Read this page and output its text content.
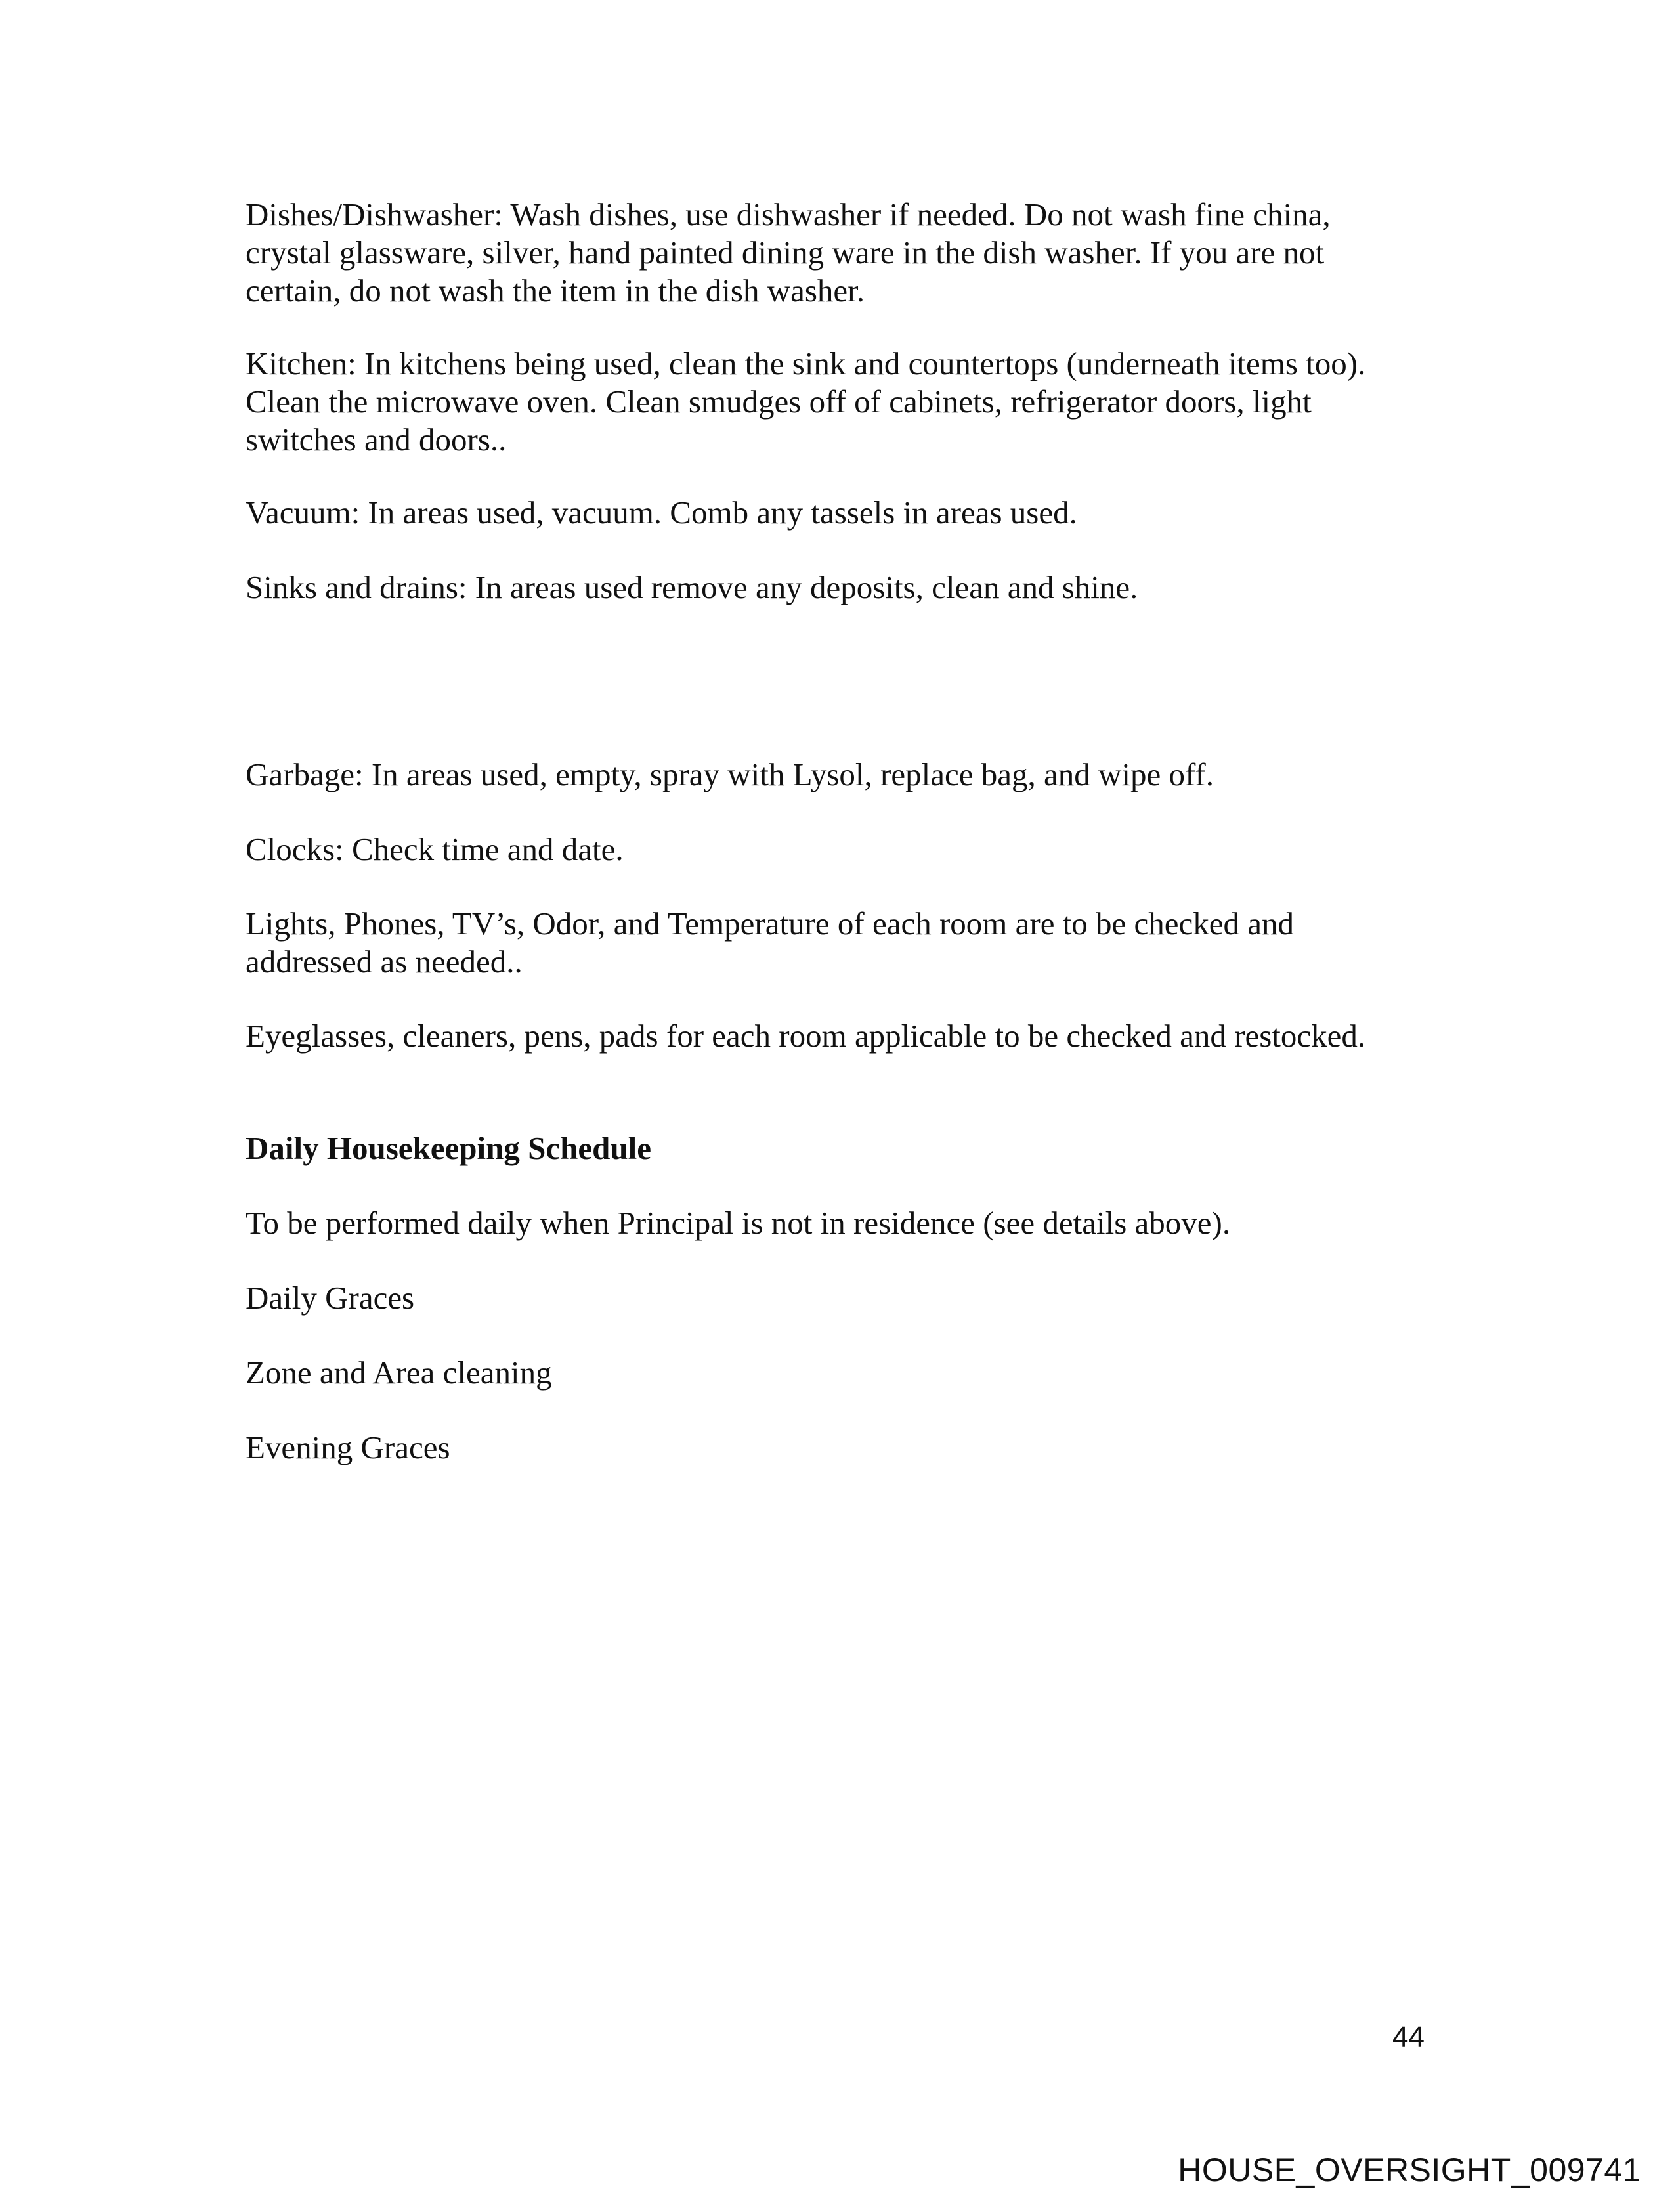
Dishes/Dishwasher: Wash dishes, use dishwasher if needed. Do not wash fine china,
crystal glassware, silver, hand painted dining ware in the dish washer. If you are not
certain, do not wash the item in the dish washer.

Kitchen: In kitchens being used, clean the sink and countertops (underneath items too).
Clean the microwave oven. Clean smudges off of cabinets, refrigerator doors, light
switches and doors..

Vacuum: In areas used, vacuum. Comb any tassels in areas used.

Sinks and drains: In areas used remove any deposits, clean and shine.

Garbage: In areas used, empty, spray with Lysol, replace bag, and wipe off.

Clocks: Check time and date.

Lights, Phones, TV’s, Odor, and Temperature of each room are to be checked and
addressed as needed..

Eyeglasses, cleaners, pens, pads for each room applicable to be checked and restocked.

Daily Housekeeping Schedule

To be performed daily when Principal is not in residence (see details above).

Daily Graces

Zone and Area cleaning

Evening Graces

44
HOUSE_OVERSIGHT_009741
